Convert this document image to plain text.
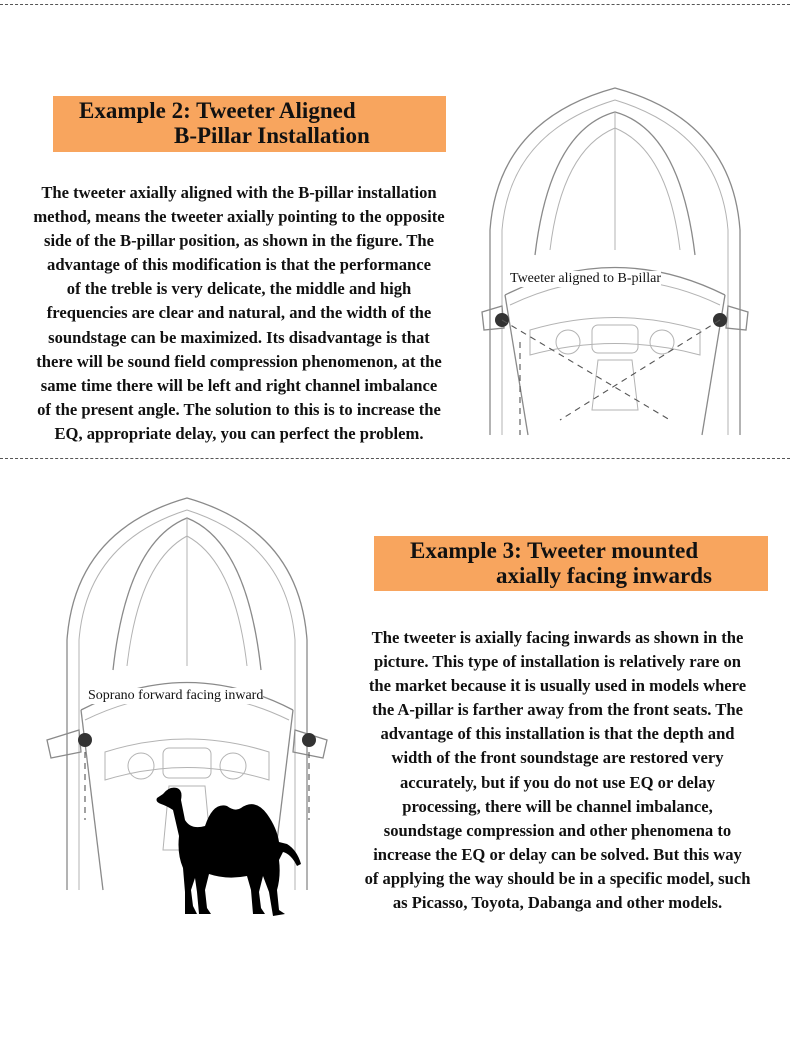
Example 2: Tweeter Aligned
B-Pillar Installation
The tweeter axially aligned with the B-pillar installation
method, means the tweeter axially pointing to the opposite
side of the B-pillar position, as shown in the figure. The
advantage of this modification is that the performance
of the treble is very delicate, the middle and high
frequencies are clear and natural, and the width of the
soundstage can be maximized. Its disadvantage is that
there will be sound field compression phenomenon, at the
same time there will be left and right channel imbalance
of the present angle. The solution to this is to increase the
EQ, appropriate delay, you can perfect the problem.
Tweeter aligned to B-pillar
Soprano forward facing inward
Example 3: Tweeter mounted
axially facing inwards
The tweeter is axially facing inwards as shown in the
picture. This type of installation is relatively rare on
the market because it is usually used in models where
the A-pillar is farther away from the front seats. The
advantage of this installation is that the depth and
width of the front soundstage are restored very
accurately, but if you do not use EQ or delay
processing, there will be channel imbalance,
soundstage compression and other phenomena to
increase the EQ or delay can be solved. But this way
of applying the way should be in a specific model, such
as Picasso, Toyota, Dabanga and other models.
